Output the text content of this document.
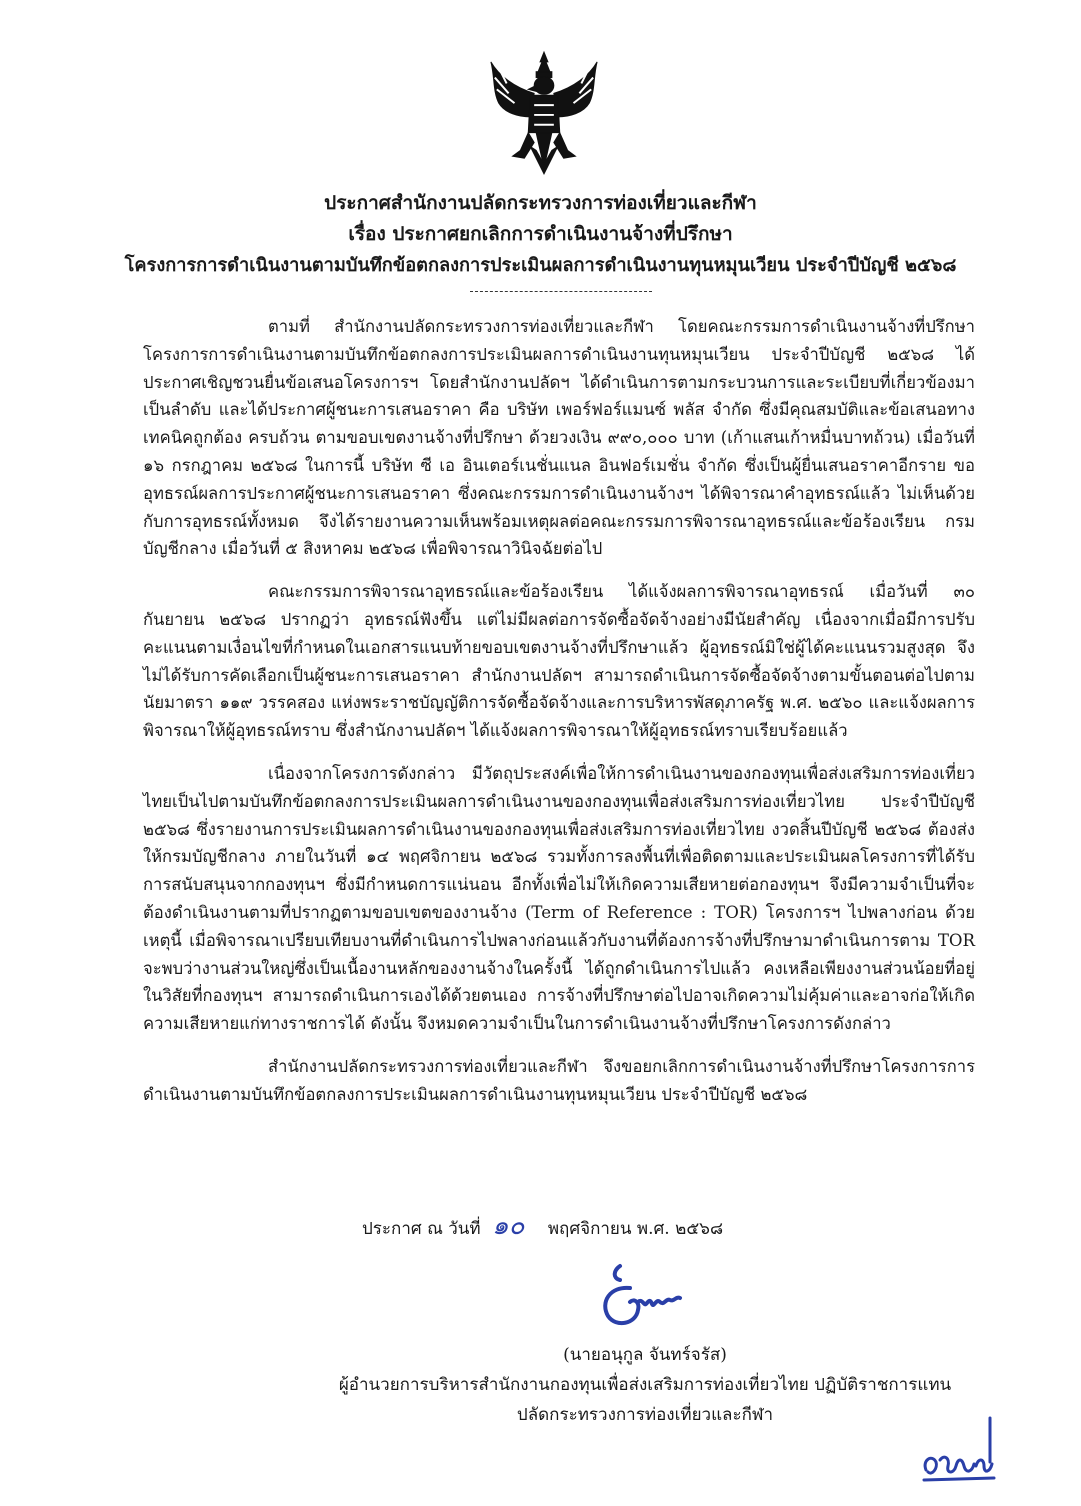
ประกาศสำนักงานปลัดกระทรวงการท่องเที่ยวและกีฬา
เรื่อง ประกาศยกเลิกการดำเนินงานจ้างที่ปรึกษา
โครงการการดำเนินงานตามบันทึกข้อตกลงการประเมินผลการดำเนินงานทุนหมุนเวียน ประจำปีบัญชี ๒๕๖๘

ตามที่ สำนักงานปลัดกระทรวงการท่องเที่ยวและกีฬา โดยคณะกรรมการดำเนินงานจ้างที่ปรึกษาโครงการการดำเนินงานตามบันทึกข้อตกลงการประเมินผลการดำเนินงานทุนหมุนเวียน ประจำปีบัญชี ๒๕๖๘ ได้ประกาศเชิญชวนยื่นข้อเสนอโครงการฯ โดยสำนักงานปลัดฯ ได้ดำเนินการตามกระบวนการและระเบียบที่เกี่ยวข้องมาเป็นลำดับ และได้ประกาศผู้ชนะการเสนอราคา คือ บริษัท เพอร์ฟอร์แมนซ์ พลัส จำกัด ซึ่งมีคุณสมบัติและข้อเสนอทางเทคนิคถูกต้อง ครบถ้วน ตามขอบเขตงานจ้างที่ปรึกษา ด้วยวงเงิน ๙๙๐,๐๐๐ บาท (เก้าแสนเก้าหมื่นบาทถ้วน) เมื่อวันที่ ๑๖ กรกฎาคม ๒๕๖๘ ในการนี้ บริษัท ซี เอ อินเตอร์เนชั่นแนล อินฟอร์เมชั่น จำกัด ซึ่งเป็นผู้ยื่นเสนอราคาอีกราย ขออุทธรณ์ผลการประกาศผู้ชนะการเสนอราคา ซึ่งคณะกรรมการดำเนินงานจ้างฯ ได้พิจารณาคำอุทธรณ์แล้ว ไม่เห็นด้วยกับการอุทธรณ์ทั้งหมด จึงได้รายงานความเห็นพร้อมเหตุผลต่อคณะกรรมการพิจารณาอุทธรณ์และข้อร้องเรียน กรมบัญชีกลาง เมื่อวันที่ ๕ สิงหาคม ๒๕๖๘ เพื่อพิจารณาวินิจฉัยต่อไป

คณะกรรมการพิจารณาอุทธรณ์และข้อร้องเรียน ได้แจ้งผลการพิจารณาอุทธรณ์ เมื่อวันที่ ๓๐ กันยายน ๒๕๖๘ ปรากฏว่า อุทธรณ์ฟังขึ้น แต่ไม่มีผลต่อการจัดซื้อจัดจ้างอย่างมีนัยสำคัญ เนื่องจากเมื่อมีการปรับคะแนนตามเงื่อนไขที่กำหนดในเอกสารแนบท้ายขอบเขตงานจ้างที่ปรึกษาแล้ว ผู้อุทธรณ์มิใช่ผู้ได้คะแนนรวมสูงสุด จึงไม่ได้รับการคัดเลือกเป็นผู้ชนะการเสนอราคา สำนักงานปลัดฯ สามารถดำเนินการจัดซื้อจัดจ้างตามขั้นตอนต่อไปตามนัยมาตรา ๑๑๙ วรรคสอง แห่งพระราชบัญญัติการจัดซื้อจัดจ้างและการบริหารพัสดุภาครัฐ พ.ศ. ๒๕๖๐ และแจ้งผลการพิจารณาให้ผู้อุทธรณ์ทราบ ซึ่งสำนักงานปลัดฯ ได้แจ้งผลการพิจารณาให้ผู้อุทธรณ์ทราบเรียบร้อยแล้ว

เนื่องจากโครงการดังกล่าว มีวัตถุประสงค์เพื่อให้การดำเนินงานของกองทุนเพื่อส่งเสริมการท่องเที่ยวไทยเป็นไปตามบันทึกข้อตกลงการประเมินผลการดำเนินงานของกองทุนเพื่อส่งเสริมการท่องเที่ยวไทย ประจำปีบัญชี ๒๕๖๘ ซึ่งรายงานการประเมินผลการดำเนินงานของกองทุนเพื่อส่งเสริมการท่องเที่ยวไทย งวดสิ้นปีบัญชี ๒๕๖๘ ต้องส่งให้กรมบัญชีกลาง ภายในวันที่ ๑๔ พฤศจิกายน ๒๕๖๘ รวมทั้งการลงพื้นที่เพื่อติดตามและประเมินผลโครงการที่ได้รับการสนับสนุนจากกองทุนฯ ซึ่งมีกำหนดการแน่นอน อีกทั้งเพื่อไม่ให้เกิดความเสียหายต่อกองทุนฯ จึงมีความจำเป็นที่จะต้องดำเนินงานตามที่ปรากฏตามขอบเขตของงานจ้าง (Term of Reference : TOR) โครงการฯ ไปพลางก่อน ด้วยเหตุนี้ เมื่อพิจารณาเปรียบเทียบงานที่ดำเนินการไปพลางก่อนแล้วกับงานที่ต้องการจ้างที่ปรึกษามาดำเนินการตาม TOR จะพบว่างานส่วนใหญ่ซึ่งเป็นเนื้องานหลักของงานจ้างในครั้งนี้ ได้ถูกดำเนินการไปแล้ว คงเหลือเพียงงานส่วนน้อยที่อยู่ในวิสัยที่กองทุนฯ สามารถดำเนินการเองได้ด้วยตนเอง การจ้างที่ปรึกษาต่อไปอาจเกิดความไม่คุ้มค่าและอาจก่อให้เกิดความเสียหายแก่ทางราชการได้ ดังนั้น จึงหมดความจำเป็นในการดำเนินงานจ้างที่ปรึกษาโครงการดังกล่าว

สำนักงานปลัดกระทรวงการท่องเที่ยวและกีฬา จึงขอยกเลิกการดำเนินงานจ้างที่ปรึกษาโครงการการดำเนินงานตามบันทึกข้อตกลงการประเมินผลการดำเนินงานทุนหมุนเวียน ประจำปีบัญชี ๒๕๖๘

ประกาศ ณ วันที่ ๑๐ พฤศจิกายน พ.ศ. ๒๕๖๘
(นายอนุกูล จันทร์จรัส)
ผู้อำนวยการบริหารสำนักงานกองทุนเพื่อส่งเสริมการท่องเที่ยวไทย ปฏิบัติราชการแทน
ปลัดกระทรวงการท่องเที่ยวและกีฬา
